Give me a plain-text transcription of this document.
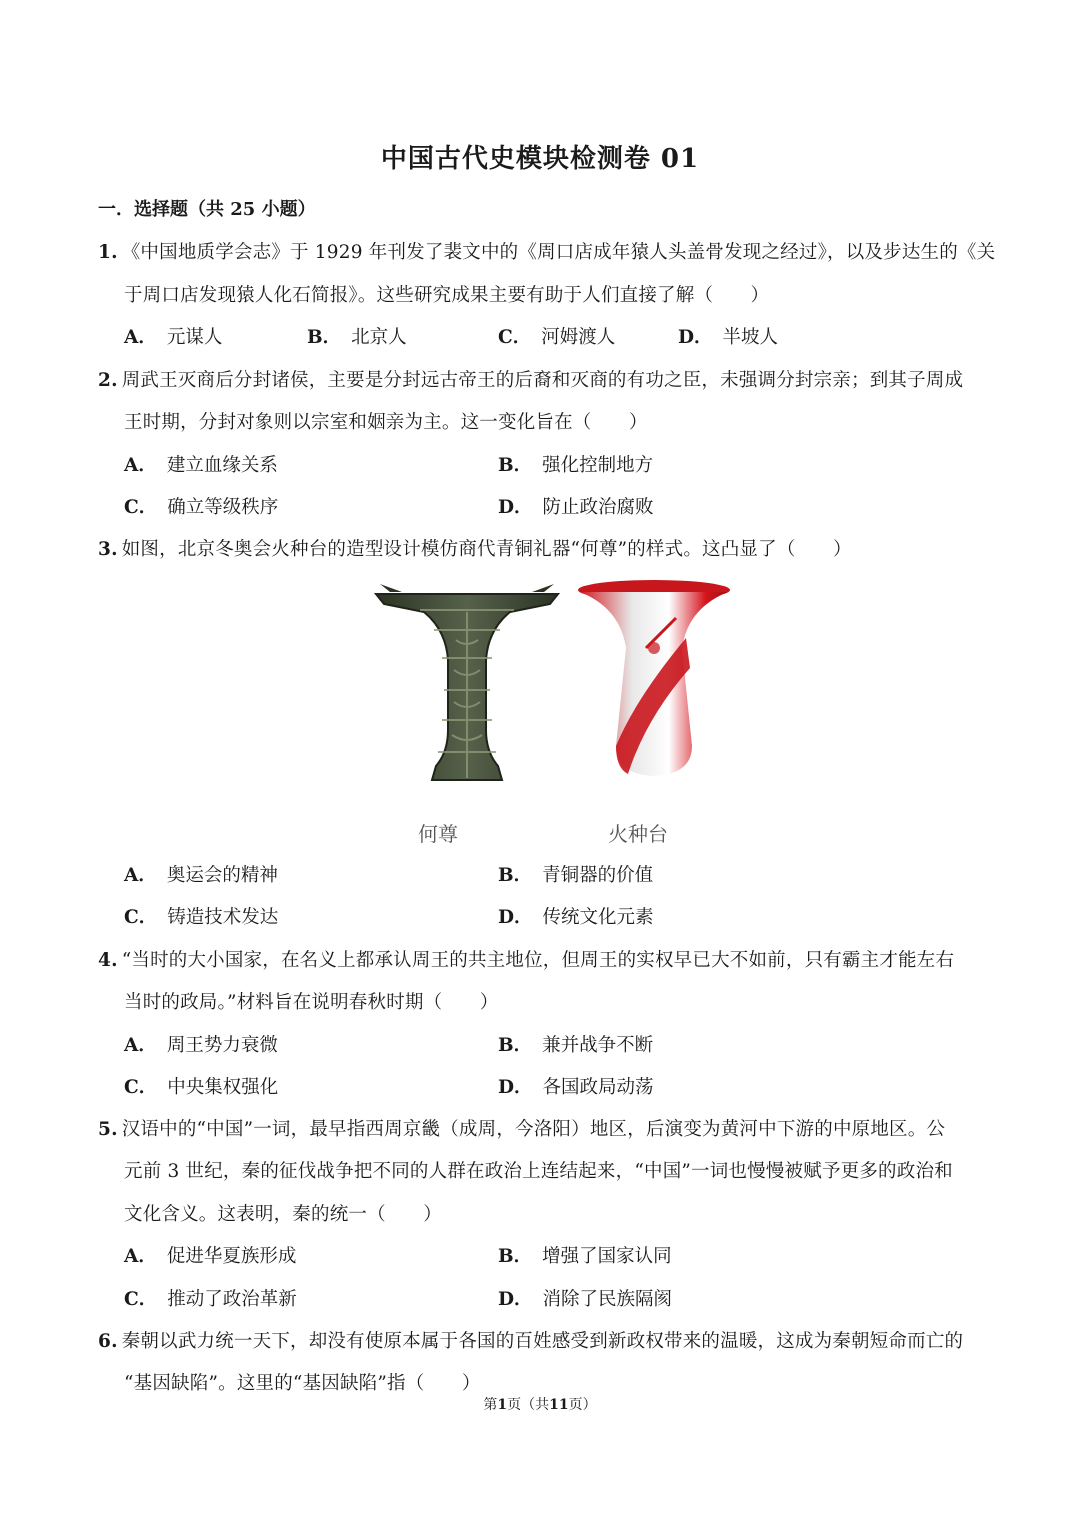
中国古代史模块检测卷 01
一．选择题（共 25 小题）
1. 《中国地质学会志》于 1929 年刊发了裴文中的《周口店成年猿人头盖骨发现之经过》，以及步达生的《关
于周口店发现猿人化石简报》。这些研究成果主要有助于人们直接了解（　　）
A． 元谋人	B． 北京人	C． 河姆渡人	D． 半坡人
2. 周武王灭商后分封诸侯，主要是分封远古帝王的后裔和灭商的有功之臣，未强调分封宗亲；到其子周成
王时期，分封对象则以宗室和姻亲为主。这一变化旨在（　　）
A． 建立血缘关系	B． 强化控制地方
C． 确立等级秩序	D． 防止政治腐败
3. 如图，北京冬奥会火种台的造型设计模仿商代青铜礼器“何尊”的样式。这凸显了（　　）
何尊	火种台
A． 奥运会的精神	B． 青铜器的价值
C． 铸造技术发达	D． 传统文化元素
4. “当时的大小国家，在名义上都承认周王的共主地位，但周王的实权早已大不如前，只有霸主才能左右
当时的政局。”材料旨在说明春秋时期（　　）
A． 周王势力衰微	B． 兼并战争不断
C． 中央集权强化	D． 各国政局动荡
5. 汉语中的“中国”一词，最早指西周京畿（成周，今洛阳）地区，后演变为黄河中下游的中原地区。公
元前 3 世纪，秦的征伐战争把不同的人群在政治上连结起来，“中国”一词也慢慢被赋予更多的政治和
文化含义。这表明，秦的统一（　　）
A． 促进华夏族形成	B． 增强了国家认同
C． 推动了政治革新	D． 消除了民族隔阂
6. 秦朝以武力统一天下，却没有使原本属于各国的百姓感受到新政权带来的温暖，这成为秦朝短命而亡的
“基因缺陷”。这里的“基因缺陷”指（　　）
第1页（共11页）
